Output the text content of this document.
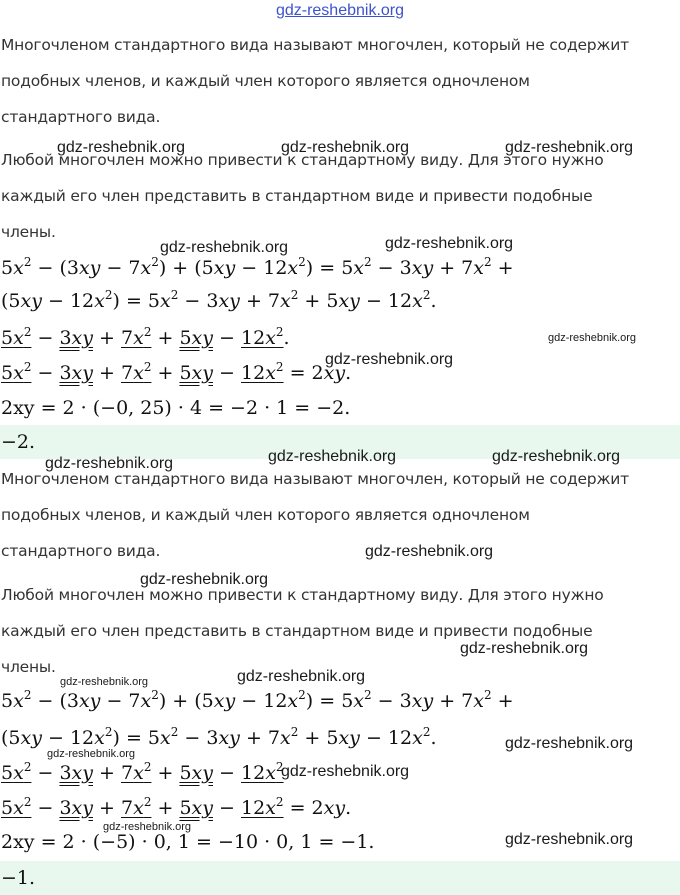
gdz-reshebnik.org
Многочленом стандартного вида называют многочлен, который не содержит
подобных членов, и каждый член которого является одночленом
стандартного вида.
Любой многочлен можно привести к стандартному виду. Для этого нужно
каждый его член представить в стандартном виде и привести подобные
члены.
$5x^2 - (3xy - 7x^2) + (5xy - 12x^2) = 5x^2 - 3xy + 7x^2$ +
$(5xy - 12x^2) = 5x^2 - 3xy + 7x^2 + 5xy - 12x^2$.
$5x^2 - 3xy + 7x^2 + 5xy - 12x^2$.
$5x^2 - 3xy + 7x^2 + 5xy - 12x^2 = 2xy$.
2xy = 2 · (−0, 25) · 4 = −2 · 1 = −2.
−2.
Многочленом стандартного вида называют многочлен, который не содержит
подобных членов, и каждый член которого является одночленом
стандартного вида.
Любой многочлен можно привести к стандартному виду. Для этого нужно
каждый его член представить в стандартном виде и привести подобные
члены.
$5x^2 - (3xy - 7x^2) + (5xy - 12x^2) = 5x^2 - 3xy + 7x^2$ +
$(5xy - 12x^2) = 5x^2 - 3xy + 7x^2 + 5xy - 12x^2$.
$5x^2 - 3xy + 7x^2 + 5xy - 12x^2$
$5x^2 - 3xy + 7x^2 + 5xy - 12x^2 = 2xy$.
2xy = 2 · (−5) · 0, 1 = −10 · 0, 1 = −1.
−1.
gdz-reshebnik.org	gdz-reshebnik.org	gdz-reshebnik.org
gdz-reshebnik.org	gdz-reshebnik.org
gdz-reshebnik.org
gdz-reshebnik.org
gdz-reshebnik.org	gdz-reshebnik.org	gdz-reshebnik.org
gdz-reshebnik.org
gdz-reshebnik.org
gdz-reshebnik.org
gdz-reshebnik.org	gdz-reshebnik.org
gdz-reshebnik.org
gdz-reshebnik.org
gdz-reshebnik.org
gdz-reshebnik.org
gdz-reshebnik.org
